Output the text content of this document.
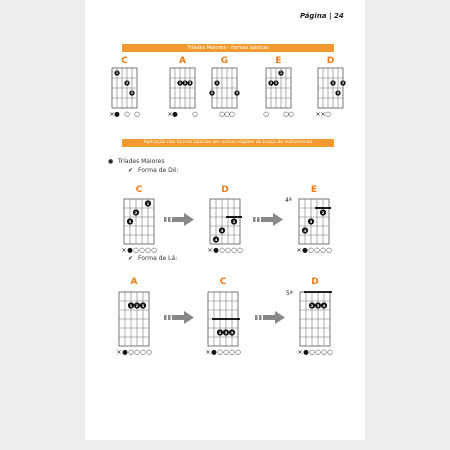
Página | 24
Tríades Maiores - formas básicas
Aplicação das formas básicas em outras regiões do braço do instrumento
● Tríades Maiores
✔ Forma de Dó:
✔ Forma de Lá:
C
1
2
3
× ● ○ ○
A
1 2 3
× ● ○
G
2
1
3
○ ○ ○
E
2 3
1
○ ○ ○
D
1
3
2
× × ○
C
1
2
3
× ● ○ ○ ○ ○
D
2
3
4
× ● ○ ○ ○ ○
E
4ª
2
3
4
× ● ○ ○ ○ ○
A
1 2 3
× ● ○ ○ ○ ○
C
2 3 4
× ● ○ ○ ○ ○
D
5ª
2 3 4
× ● ○ ○ ○ ○
